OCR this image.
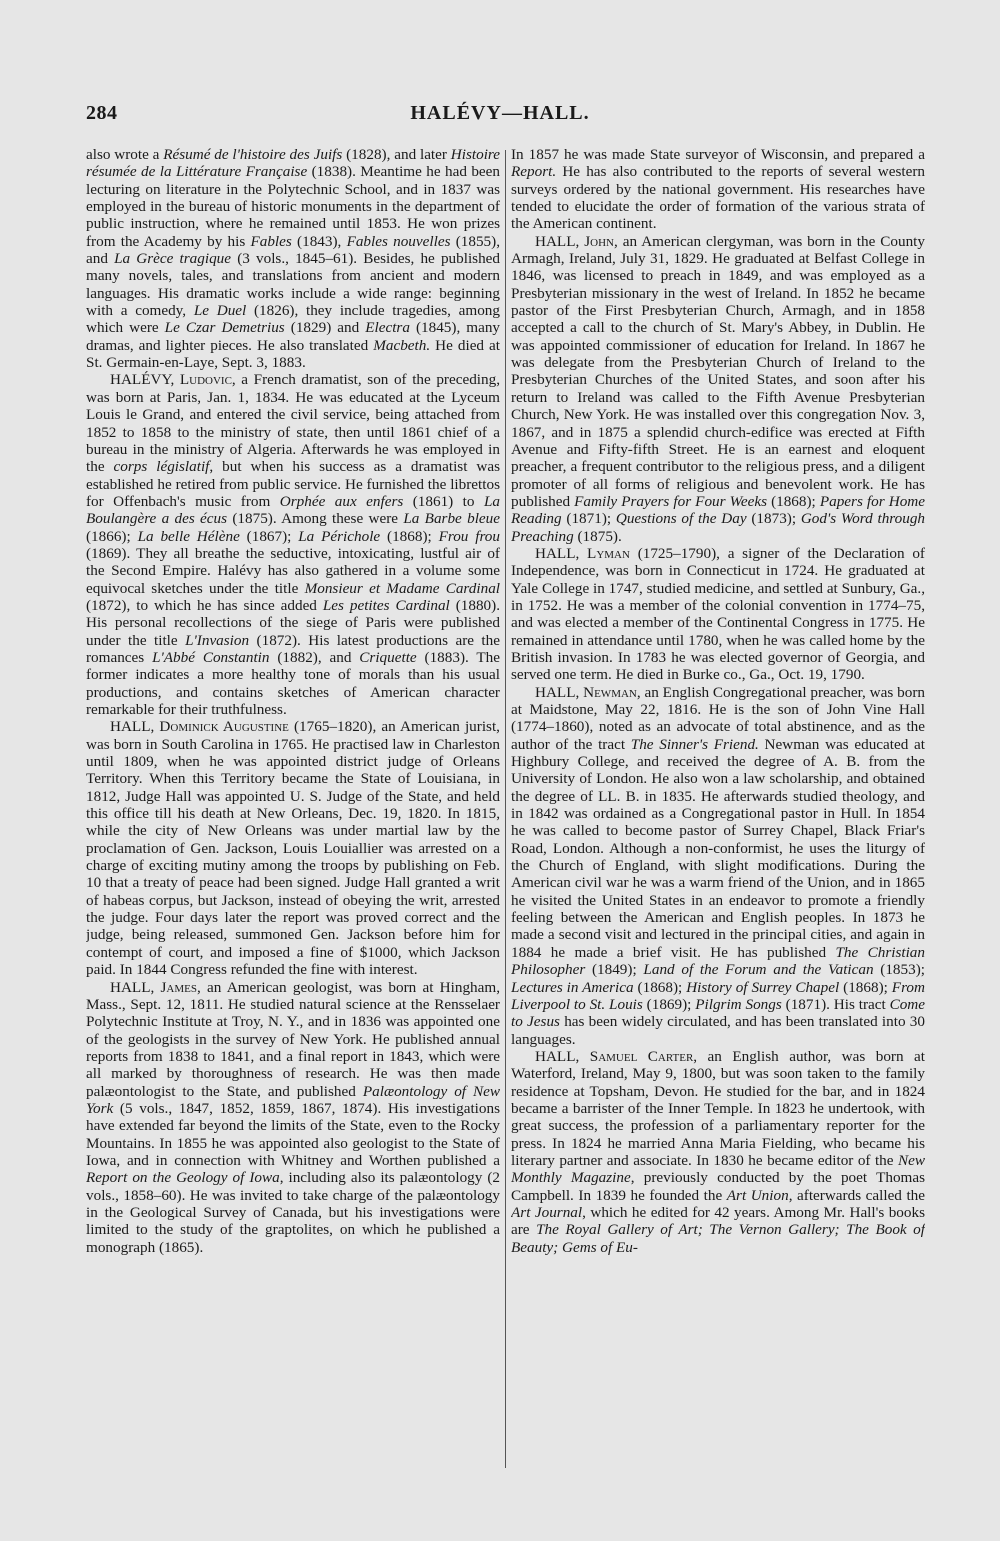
284	HALÉVY—HALL.

also wrote a Résumé de l'histoire des Juifs (1828), and later Histoire résumée de la Littérature Française (1838). Meantime he had been lecturing on literature in the Polytechnic School, and in 1837 was employed in the bureau of historic monuments in the department of public instruction, where he remained until 1853. He won prizes from the Academy by his Fables (1843), Fables nouvelles (1855), and La Grèce tragique (3 vols., 1845–61). Besides, he published many novels, tales, and translations from ancient and modern languages. His dramatic works include a wide range: beginning with a comedy, Le Duel (1826), they include tragedies, among which were Le Czar Demetrius (1829) and Electra (1845), many dramas, and lighter pieces. He also translated Macbeth. He died at St. Germain-en-Laye, Sept. 3, 1883.

HALÉVY, Ludovic, a French dramatist, son of the preceding, was born at Paris, Jan. 1, 1834. He was educated at the Lyceum Louis le Grand, and entered the civil service, being attached from 1852 to 1858 to the ministry of state, then until 1861 chief of a bureau in the ministry of Algeria. Afterwards he was employed in the corps législatif, but when his success as a dramatist was established he retired from public service. He furnished the librettos for Offenbach's music from Orphée aux enfers (1861) to La Boulangère a des écus (1875). Among these were La Barbe bleue (1866); La belle Hélène (1867); La Périchole (1868); Frou frou (1869). They all breathe the seductive, intoxicating, lustful air of the Second Empire. Halévy has also gathered in a volume some equivocal sketches under the title Monsieur et Madame Cardinal (1872), to which he has since added Les petites Cardinal (1880). His personal recollections of the siege of Paris were published under the title L'Invasion (1872). His latest productions are the romances L'Abbé Constantin (1882), and Criquette (1883). The former indicates a more healthy tone of morals than his usual productions, and contains sketches of American character remarkable for their truthfulness.

HALL, Dominick Augustine (1765–1820), an American jurist, was born in South Carolina in 1765. He practised law in Charleston until 1809, when he was appointed district judge of Orleans Territory. When this Territory became the State of Louisiana, in 1812, Judge Hall was appointed U. S. Judge of the State, and held this office till his death at New Orleans, Dec. 19, 1820. In 1815, while the city of New Orleans was under martial law by the proclamation of Gen. Jackson, Louis Louiallier was arrested on a charge of exciting mutiny among the troops by publishing on Feb. 10 that a treaty of peace had been signed. Judge Hall granted a writ of habeas corpus, but Jackson, instead of obeying the writ, arrested the judge. Four days later the report was proved correct and the judge, being released, summoned Gen. Jackson before him for contempt of court, and imposed a fine of $1000, which Jackson paid. In 1844 Congress refunded the fine with interest.

HALL, James, an American geologist, was born at Hingham, Mass., Sept. 12, 1811. He studied natural science at the Rensselaer Polytechnic Institute at Troy, N. Y., and in 1836 was appointed one of the geologists in the survey of New York. He published annual reports from 1838 to 1841, and a final report in 1843, which were all marked by thoroughness of research. He was then made palæontologist to the State, and published Palæontology of New York (5 vols., 1847, 1852, 1859, 1867, 1874). His investigations have extended far beyond the limits of the State, even to the Rocky Mountains. In 1855 he was appointed also geologist to the State of Iowa, and in connection with Whitney and Worthen published a Report on the Geology of Iowa, including also its palæontology (2 vols., 1858–60). He was invited to take charge of the palæontology in the Geological Survey of Canada, but his investigations were limited to the study of the graptolites, on which he published a monograph (1865).

In 1857 he was made State surveyor of Wisconsin, and prepared a Report. He has also contributed to the reports of several western surveys ordered by the national government. His researches have tended to elucidate the order of formation of the various strata of the American continent.

HALL, John, an American clergyman, was born in the County Armagh, Ireland, July 31, 1829. He graduated at Belfast College in 1846, was licensed to preach in 1849, and was employed as a Presbyterian missionary in the west of Ireland. In 1852 he became pastor of the First Presbyterian Church, Armagh, and in 1858 accepted a call to the church of St. Mary's Abbey, in Dublin. He was appointed commissioner of education for Ireland. In 1867 he was delegate from the Presbyterian Church of Ireland to the Presbyterian Churches of the United States, and soon after his return to Ireland was called to the Fifth Avenue Presbyterian Church, New York. He was installed over this congregation Nov. 3, 1867, and in 1875 a splendid church-edifice was erected at Fifth Avenue and Fifty-fifth Street. He is an earnest and eloquent preacher, a frequent contributor to the religious press, and a diligent promoter of all forms of religious and benevolent work. He has published Family Prayers for Four Weeks (1868); Papers for Home Reading (1871); Questions of the Day (1873); God's Word through Preaching (1875).

HALL, Lyman (1725–1790), a signer of the Declaration of Independence, was born in Connecticut in 1724. He graduated at Yale College in 1747, studied medicine, and settled at Sunbury, Ga., in 1752. He was a member of the colonial convention in 1774–75, and was elected a member of the Continental Congress in 1775. He remained in attendance until 1780, when he was called home by the British invasion. In 1783 he was elected governor of Georgia, and served one term. He died in Burke co., Ga., Oct. 19, 1790.

HALL, Newman, an English Congregational preacher, was born at Maidstone, May 22, 1816. He is the son of John Vine Hall (1774–1860), noted as an advocate of total abstinence, and as the author of the tract The Sinner's Friend. Newman was educated at Highbury College, and received the degree of A. B. from the University of London. He also won a law scholarship, and obtained the degree of LL. B. in 1835. He afterwards studied theology, and in 1842 was ordained as a Congregational pastor in Hull. In 1854 he was called to become pastor of Surrey Chapel, Black Friar's Road, London. Although a non-conformist, he uses the liturgy of the Church of England, with slight modifications. During the American civil war he was a warm friend of the Union, and in 1865 he visited the United States in an endeavor to promote a friendly feeling between the American and English peoples. In 1873 he made a second visit and lectured in the principal cities, and again in 1884 he made a brief visit. He has published The Christian Philosopher (1849); Land of the Forum and the Vatican (1853); Lectures in America (1868); History of Surrey Chapel (1868); From Liverpool to St. Louis (1869); Pilgrim Songs (1871). His tract Come to Jesus has been widely circulated, and has been translated into 30 languages.

HALL, Samuel Carter, an English author, was born at Waterford, Ireland, May 9, 1800, but was soon taken to the family residence at Topsham, Devon. He studied for the bar, and in 1824 became a barrister of the Inner Temple. In 1823 he undertook, with great success, the profession of a parliamentary reporter for the press. In 1824 he married Anna Maria Fielding, who became his literary partner and associate. In 1830 he became editor of the New Monthly Magazine, previously conducted by the poet Thomas Campbell. In 1839 he founded the Art Union, afterwards called the Art Journal, which he edited for 42 years. Among Mr. Hall's books are The Royal Gallery of Art; The Vernon Gallery; The Book of Beauty; Gems of Eu-
